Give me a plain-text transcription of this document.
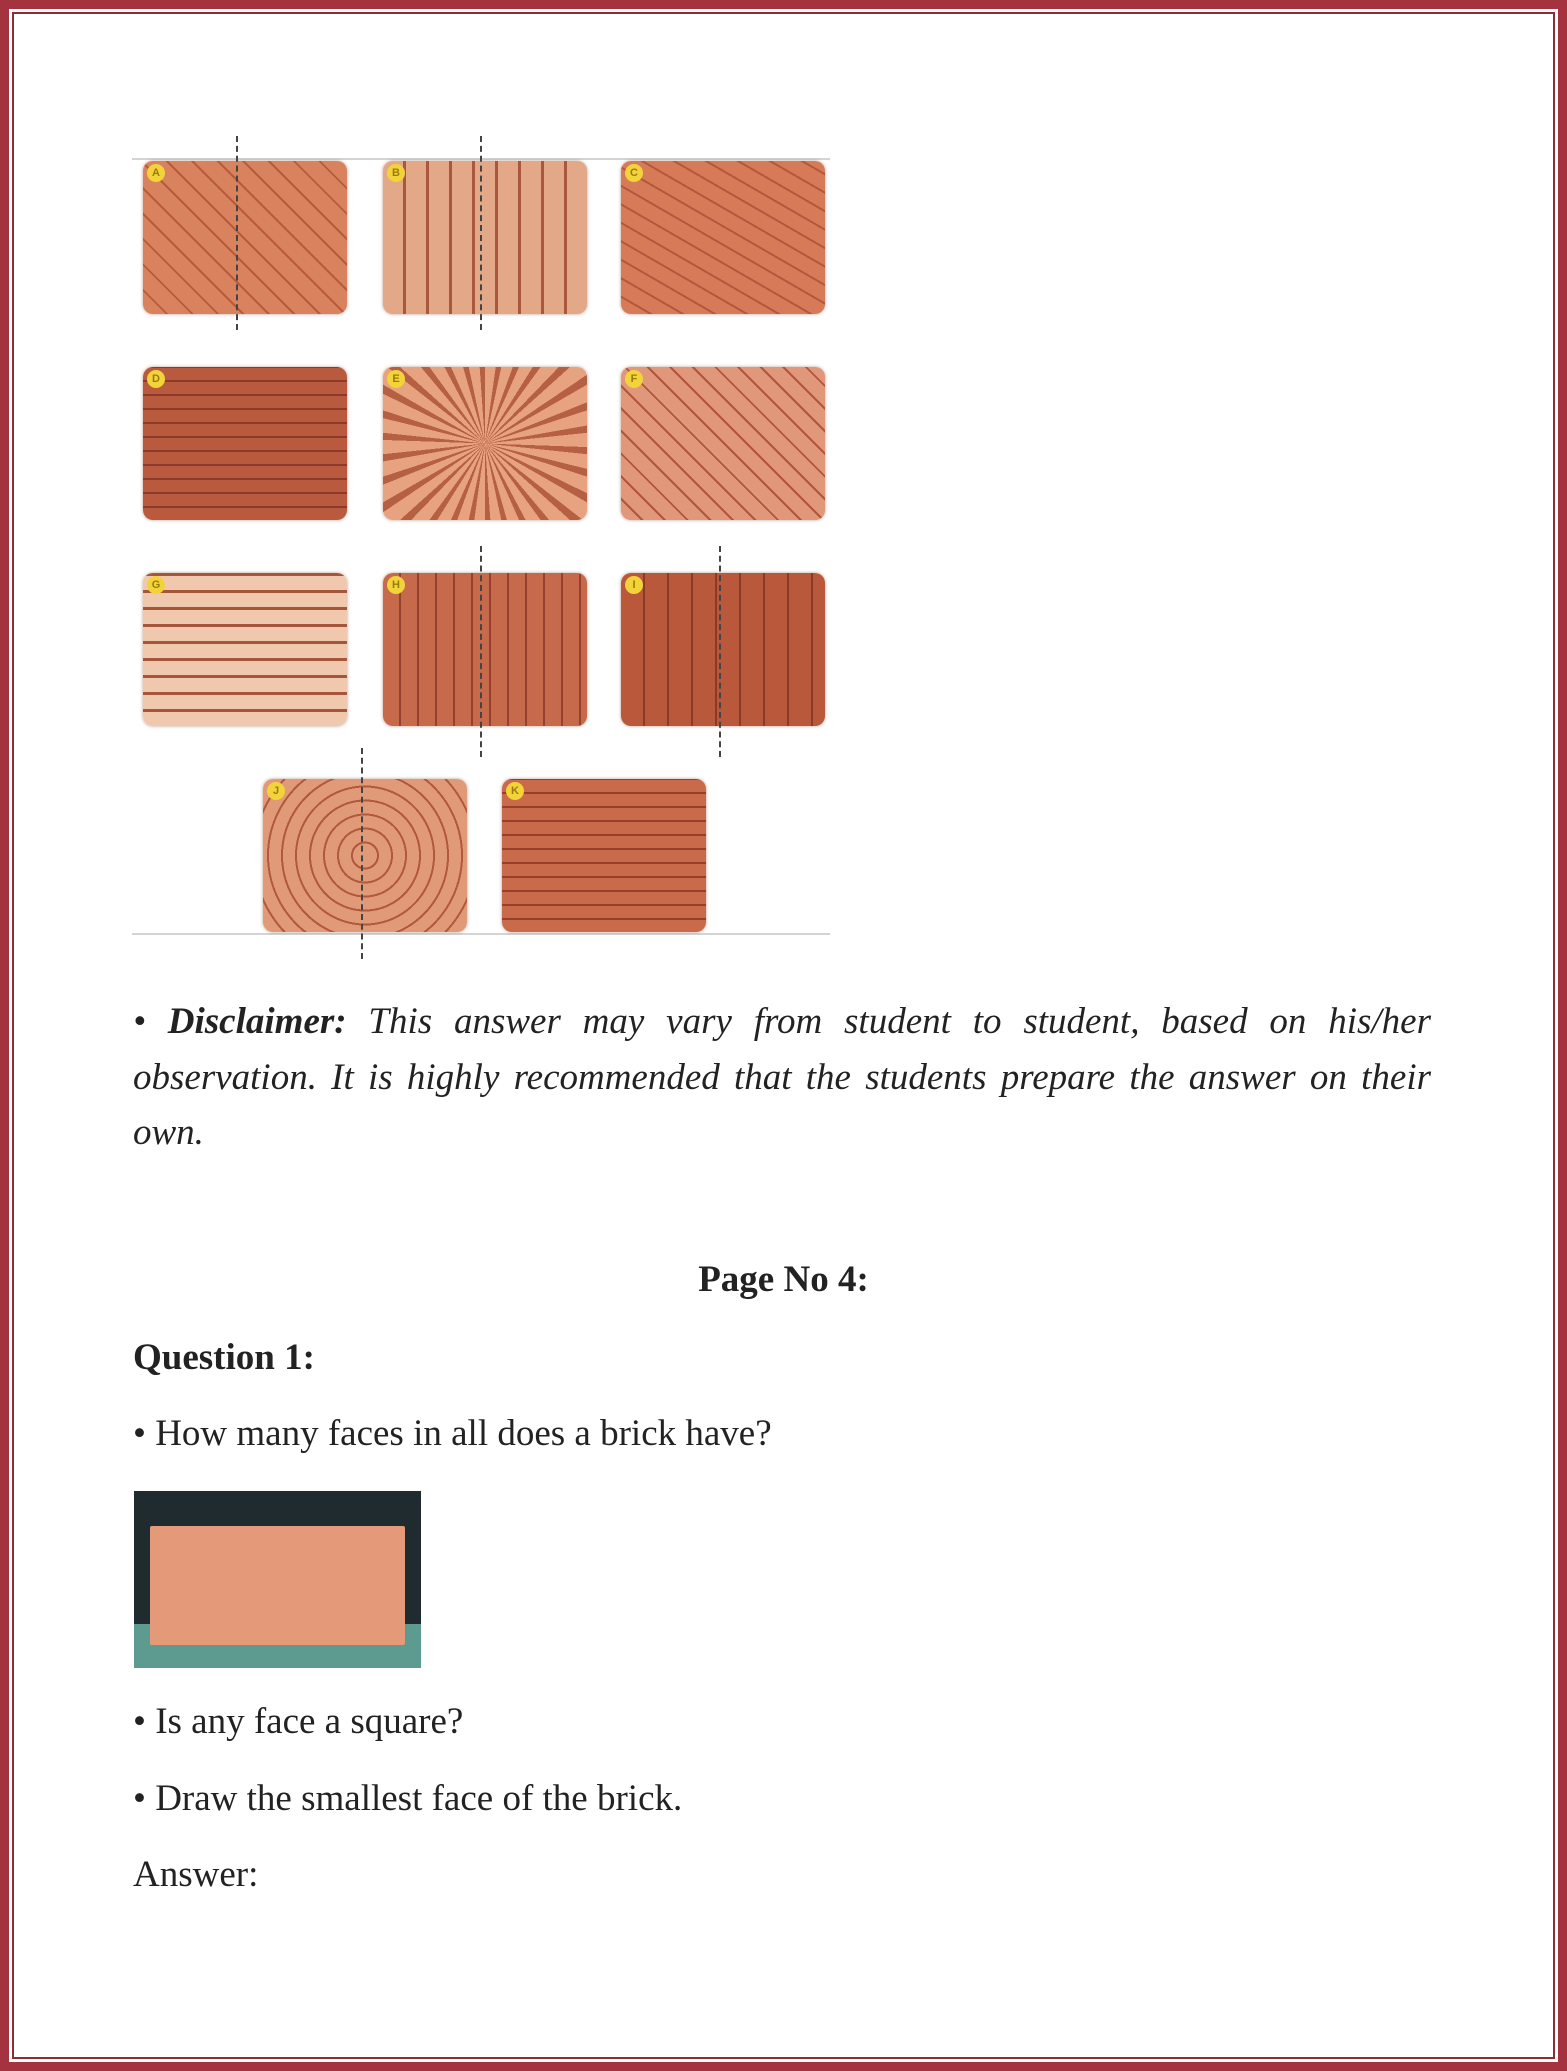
A	B	C
D	E	F
G	H	I
J	K
• Disclaimer: This answer may vary from student to student, based on his/her observation. It is highly recommended that the students prepare the answer on their own.
Page No 4:
Question 1:
• How many faces in all does a brick have?
• Is any face a square?
• Draw the smallest face of the brick.
Answer:
